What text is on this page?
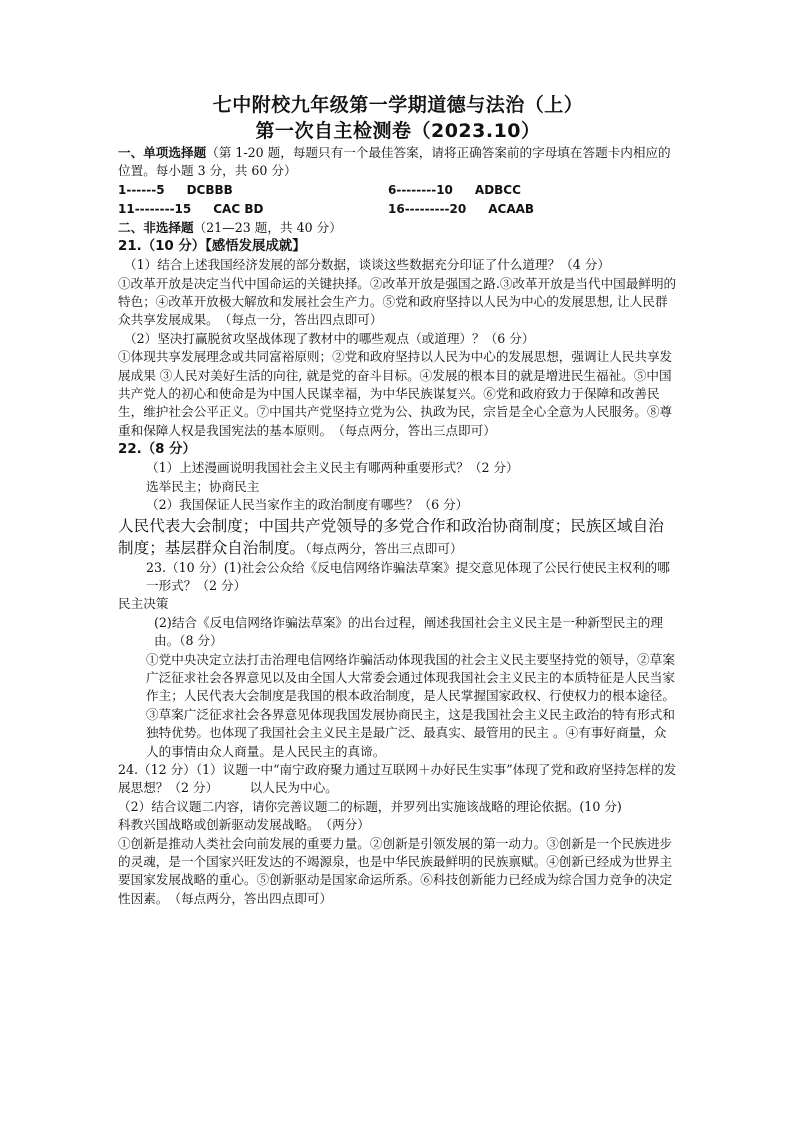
七中附校九年级第一学期道德与法治（上）
第一次自主检测卷（2023.10）

一、单项选择题（第 1-20 题，每题只有一个最佳答案，请将正确答案前的字母填在答题卡内相应的位置。每小题 3 分，共 60 分）

1------5 DCBBB	6--------10 ADBCC
11--------15 CAC BD	16---------20 ACAAB

二、非选择题（21—23 题，共 40 分）

21.（10 分）【感悟发展成就】

（1）结合上述我国经济发展的部分数据，谈谈这些数据充分印证了什么道理？（4 分）

①改革开放是决定当代中国命运的关键抉择。②改革开放是强国之路.③改革开放是当代中国最鲜明的特色；④改革开放极大解放和发展社会生产力。⑤党和政府坚持以人民为中心的发展思想, 让人民群众共享发展成果。　（每点一分，答出四点即可）

（2）坚决打赢脱贫攻坚战体现了教材中的哪些观点（或道理）？（6 分）

①体现共享发展理念或共同富裕原则；②党和政府坚持以人民为中心的发展思想，强调让人民共享发展成果 ③人民对美好生活的向往, 就是党的奋斗目标。④发展的根本目的就是增进民生福祉。⑤中国共产党人的初心和使命是为中国人民谋幸福，为中华民族谋复兴。⑥党和政府致力于保障和改善民生，维护社会公平正义。⑦中国共产党坚持立党为公、执政为民，宗旨是全心全意为人民服务。⑧尊重和保障人权是我国宪法的基本原则。　（每点两分，答出三点即可）

22.（8 分）

（1）上述漫画说明我国社会主义民主有哪两种重要形式？（2 分）

选举民主；协商民主

（2）我国保证人民当家作主的政治制度有哪些？（6 分）

人民代表大会制度；中国共产党领导的多党合作和政治协商制度；民族区域自治制度；基层群众自治制度。（每点两分，答出三点即可）

23.（10 分）(1)社会公众给《反电信网络诈骗法草案》提交意见体现了公民行使民主权利的哪一形式？（2 分）

民主决策

(2)结合《反电信网络诈骗法草案》的出台过程，阐述我国社会主义民主是一种新型民主的理由。（8 分）

①党中央决定立法打击治理电信网络诈骗活动体现我国的社会主义民主要坚持党的领导，②草案广泛征求社会各界意见以及由全国人大常委会通过体现我国社会主义民主的本质特征是人民当家作主；人民代表大会制度是我国的根本政治制度，是人民掌握国家政权、行使权力的根本途径。

③草案广泛征求社会各界意见体现我国发展协商民主，这是我国社会主义民主政治的特有形式和独特优势。也体现了我国社会主义民主是最广泛、最真实、最管用的民主 。④有事好商量，众人的事情由众人商量。是人民民主的真谛。

24.（12 分）（1）议题一中“南宁政府聚力通过互联网＋办好民生实事”体现了党和政府坚持怎样的发展思想？（2 分）　　　以人民为中心。

（2）结合议题二内容，请你完善议题二的标题，并罗列出实施该战略的理论依据。(10 分)

科教兴国战略或创新驱动发展战略。　（两分）

①创新是推动人类社会向前发展的重要力量。②创新是引领发展的第一动力。③创新是一个民族进步的灵魂，是一个国家兴旺发达的不竭源泉，也是中华民族最鲜明的民族禀赋。④创新已经成为世界主要国家发展战略的重心。⑤创新驱动是国家命运所系。⑥科技创新能力已经成为综合国力竞争的决定性因素。　（每点两分，答出四点即可）
